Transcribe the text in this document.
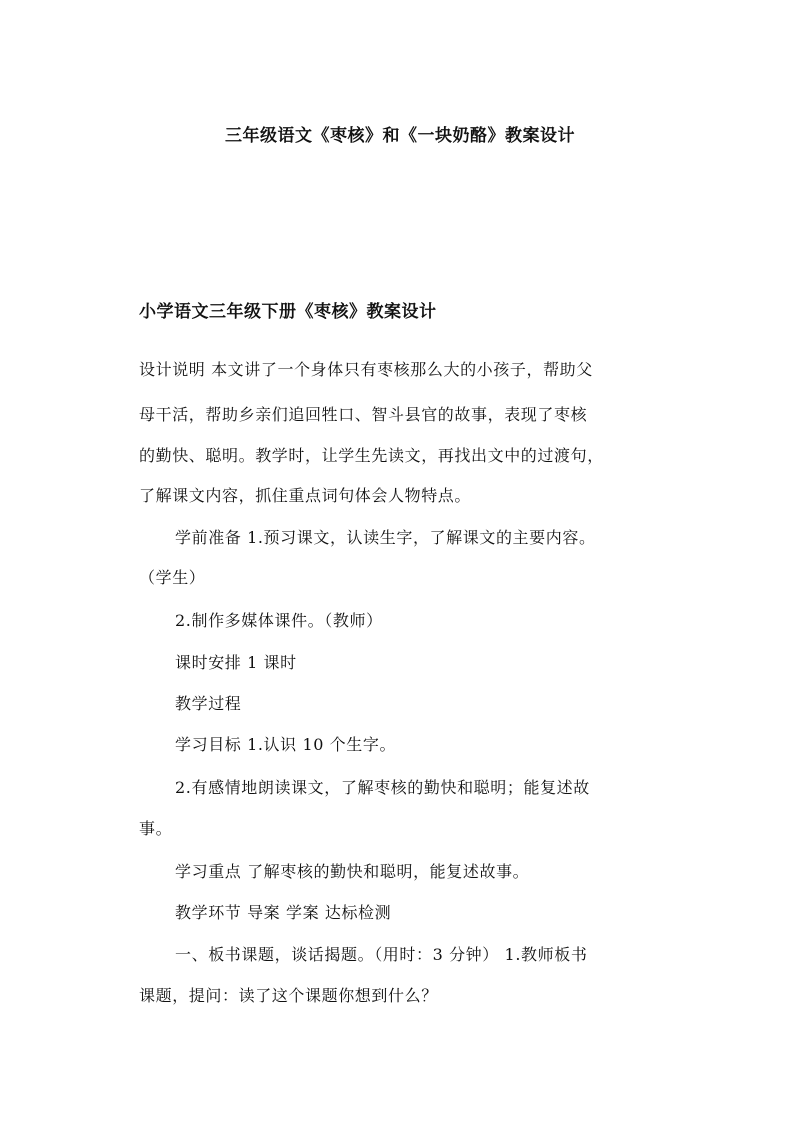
三年级语文《枣核》和《一块奶酪》教案设计
小学语文三年级下册《枣核》教案设计
设计说明 本文讲了一个身体只有枣核那么大的小孩子，帮助父
母干活，帮助乡亲们追回牲口、智斗县官的故事，表现了枣核
的勤快、聪明。教学时，让学生先读文，再找出文中的过渡句，
了解课文内容，抓住重点词句体会人物特点。
学前准备 1.预习课文，认读生字，了解课文的主要内容。
（学生）
2.制作多媒体课件。（教师）
课时安排 1 课时
教学过程
学习目标 1.认识 10 个生字。
2.有感情地朗读课文，了解枣核的勤快和聪明；能复述故
事。
学习重点 了解枣核的勤快和聪明，能复述故事。
教学环节 导案 学案 达标检测
一、板书课题，谈话揭题。（用时：3 分钟） 1.教师板书
课题，提问：读了这个课题你想到什么？
